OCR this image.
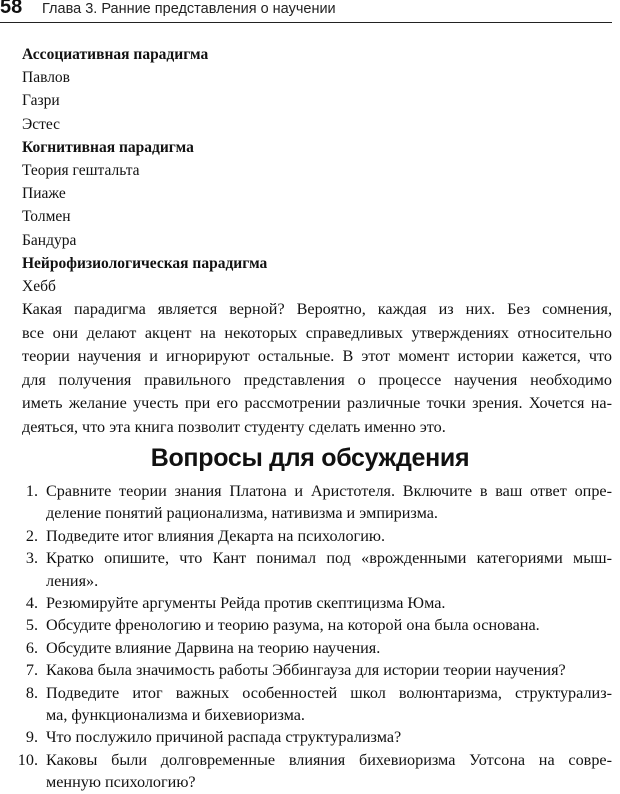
58 Глава 3. Ранние представления о научении
Ассоциативная парадигма
Павлов
Газри
Эстес
Когнитивная парадигма
Теория гештальта
Пиаже
Толмен
Бандура
Нейрофизиологическая парадигма
Хебб

Какая парадигма является верной? Вероятно, каждая из них. Без сомнения,
все они делают акцент на некоторых справедливых утверждениях относительно
теории научения и игнорируют остальные. В этот момент истории кажется, что
для получения правильного представления о процессе научения необходимо
иметь желание учесть при его рассмотрении различные точки зрения. Хочется на-
деяться, что эта книга позволит студенту сделать именно это.

Вопросы для обсуждения
1. Сравните теории знания Платона и Аристотеля. Включите в ваш ответ опре-
деление понятий рационализма, нативизма и эмпиризма.
2. Подведите итог влияния Декарта на психологию.
3. Кратко опишите, что Кант понимал под «врожденными категориями мыш-
ления».
4. Резюмируйте аргументы Рейда против скептицизма Юма.
5. Обсудите френологию и теорию разума, на которой она была основана.
6. Обсудите влияние Дарвина на теорию научения.
7. Какова была значимость работы Эббингауза для истории теории научения?
8. Подведите итог важных особенностей школ волюнтаризма, структурализ-
ма, функционализма и бихевиоризма.
9. Что послужило причиной распада структурализма?
10. Каковы были долговременные влияния бихевиоризма Уотсона на совре-
менную психологию?
